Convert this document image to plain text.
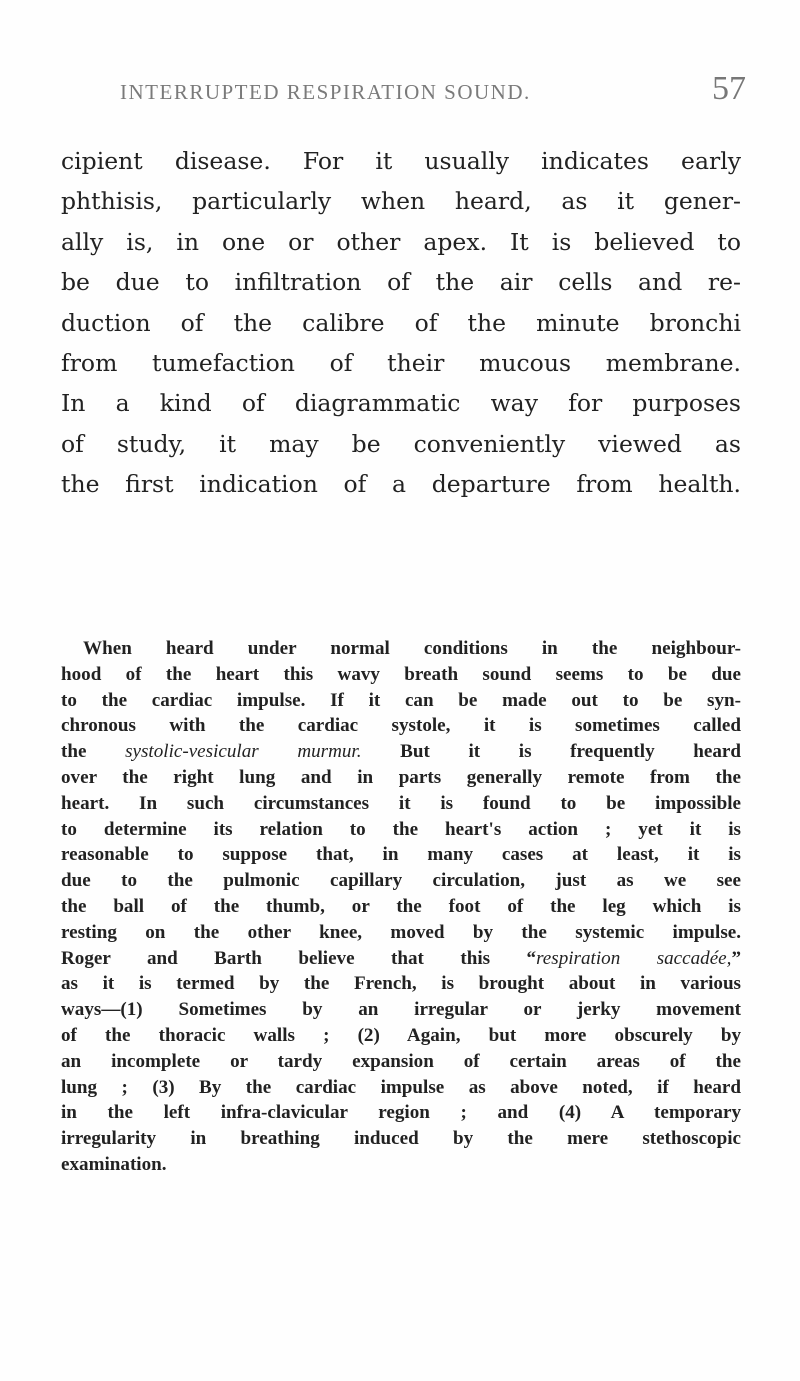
INTERRUPTED RESPIRATION SOUND.	57

cipient disease. For it usually indicates early
phthisis, particularly when heard, as it gener-
ally is, in one or other apex. It is believed to
be due to infiltration of the air cells and re-
duction of the calibre of the minute bronchi
from tumefaction of their mucous membrane.
In a kind of diagrammatic way for purposes
of study, it may be conveniently viewed as
the first indication of a departure from health.

When heard under normal conditions in the neighbour-
hood of the heart this wavy breath sound seems to be due
to the cardiac impulse. If it can be made out to be syn-
chronous with the cardiac systole, it is sometimes called
the systolic-vesicular murmur. But it is frequently heard
over the right lung and in parts generally remote from the
heart. In such circumstances it is found to be impossible
to determine its relation to the heart's action ; yet it is
reasonable to suppose that, in many cases at least, it is
due to the pulmonic capillary circulation, just as we see
the ball of the thumb, or the foot of the leg which is
resting on the other knee, moved by the systemic impulse.
Roger and Barth believe that this “respiration saccadée,”
as it is termed by the French, is brought about in various
ways—(1) Sometimes by an irregular or jerky movement
of the thoracic walls ; (2) Again, but more obscurely by
an incomplete or tardy expansion of certain areas of the
lung ; (3) By the cardiac impulse as above noted, if heard
in the left infra-clavicular region ; and (4) A temporary
irregularity in breathing induced by the mere stethoscopic
examination.
